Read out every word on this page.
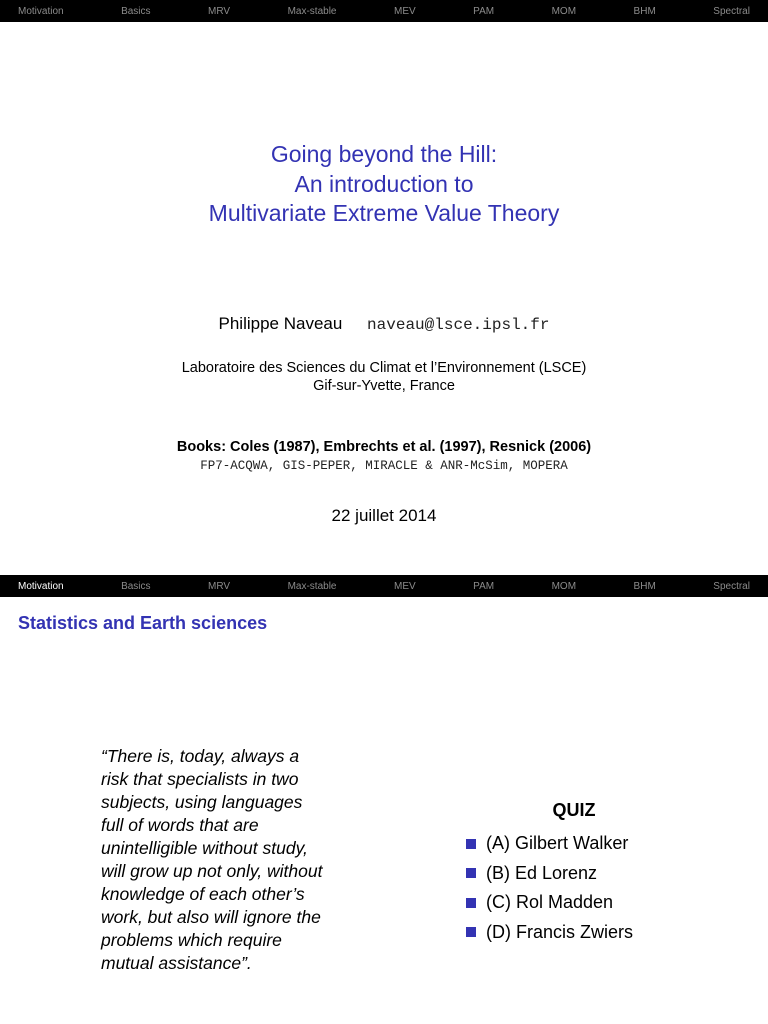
Motivation	Basics	MRV	Max-stable	MEV	PAM	MOM	BHM	Spectral
Going beyond the Hill:
An introduction to
Multivariate Extreme Value Theory
Philippe Naveau naveau@lsce.ipsl.fr
Laboratoire des Sciences du Climat et l’Environnement (LSCE)
Gif-sur-Yvette, France
Books: Coles (1987), Embrechts et al. (1997), Resnick (2006)
FP7-ACQWA, GIS-PEPER, MIRACLE & ANR-McSim, MOPERA
22 juillet 2014
Motivation	Basics	MRV	Max-stable	MEV	PAM	MOM	BHM	Spectral
Statistics and Earth sciences
“There is, today, always a
risk that specialists in two
subjects, using languages
full of words that are
unintelligible without study,
will grow up not only, without
knowledge of each other’s
work, but also will ignore the
problems which require
mutual assistance”.
QUIZ
(A) Gilbert Walker
(B) Ed Lorenz
(C) Rol Madden
(D) Francis Zwiers
